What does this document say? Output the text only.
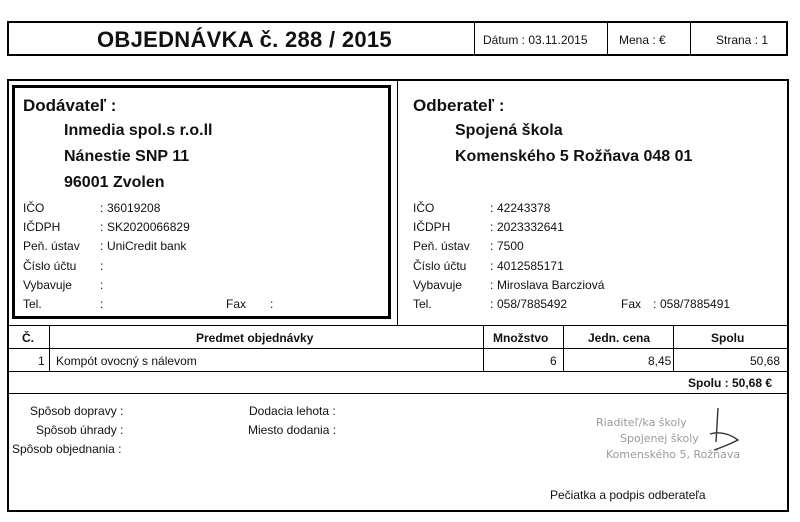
OBJEDNÁVKA č. 288 / 2015	Dátum : 03.11.2015	Mena : €	Strana : 1
Dodávateľ :
Inmedia spol.s r.o.ll
Nánestie SNP 11
96001 Zvolen
IČO	: 36019208
IČDPH	: SK2020066829
Peň. ústav : UniCredit bank
Číslo účtu :
Vybavuje :
Tel.	:	Fax :
Odberateľ :
Spojená škola
Komenského 5 Rožňava 048 01
IČO	: 42243378
IČDPH	: 2023332641
Peň. ústav : 7500
Číslo účtu : 4012585171
Vybavuje : Miroslava Barcziová
Tel.	: 058/7885492	Fax : 058/7885491
Č.	Predmet objednávky	Množstvo	Jedn. cena	Spolu
1 Kompót ovocný s nálevom	6	8,45	50,68
Spolu : 50,68 €
Spôsob dopravy :
Spôsob úhrady :
Spôsob objednania :
Dodacia lehota :
Miesto dodania :
Riaditeľ/ka školy
Spojenej školy
Komenského 5, Rožňava
Pečiatka a podpis odberateľa
